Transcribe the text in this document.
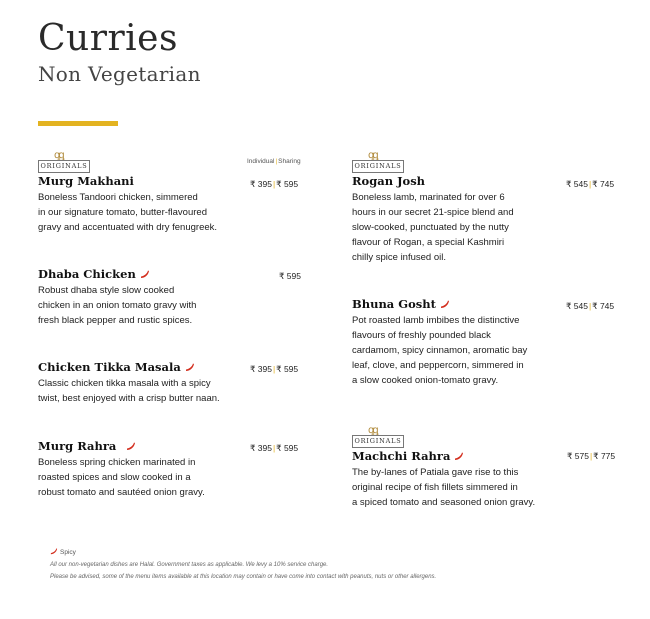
Curries
Non Vegetarian
Individual|Sharing
ꝗꝗ
ORIGINALS
Murg Makhani
Boneless Tandoori chicken, simmered
in our signature tomato, butter-flavoured
gravy and accentuated with dry fenugreek.
₹ 395|₹ 595
Dhaba Chicken
Robust dhaba style slow cooked
chicken in an onion tomato gravy with
fresh black pepper and rustic spices.
₹ 595
Chicken Tikka Masala
Classic chicken tikka masala with a spicy
twist, best enjoyed with a crisp butter naan.
₹ 395|₹ 595
Murg Rahra
Boneless spring chicken marinated in
roasted spices and slow cooked in a
robust tomato and sautéed onion gravy.
₹ 395|₹ 595
ꝗꝗ
ORIGINALS
Rogan Josh
Boneless lamb, marinated for over 6
hours in our secret 21-spice blend and
slow-cooked, punctuated by the nutty
flavour of Rogan, a special Kashmiri
chilly spice infused oil.
₹ 545|₹ 745
Bhuna Gosht
Pot roasted lamb imbibes the distinctive
flavours of freshly pounded black
cardamom, spicy cinnamon, aromatic bay
leaf, clove, and peppercorn, simmered in
a slow cooked onion-tomato gravy.
₹ 545|₹ 745
ꝗꝗ
ORIGINALS
Machchi Rahra
The by-lanes of Patiala gave rise to this
original recipe of fish fillets simmered in
a spiced tomato and seasoned onion gravy.
₹ 575|₹ 775
Spicy
All our non-vegetarian dishes are Halal. Government taxes as applicable. We levy a 10% service charge.
Please be advised, some of the menu items available at this location may contain or have come into contact with peanuts, nuts or other allergens.
